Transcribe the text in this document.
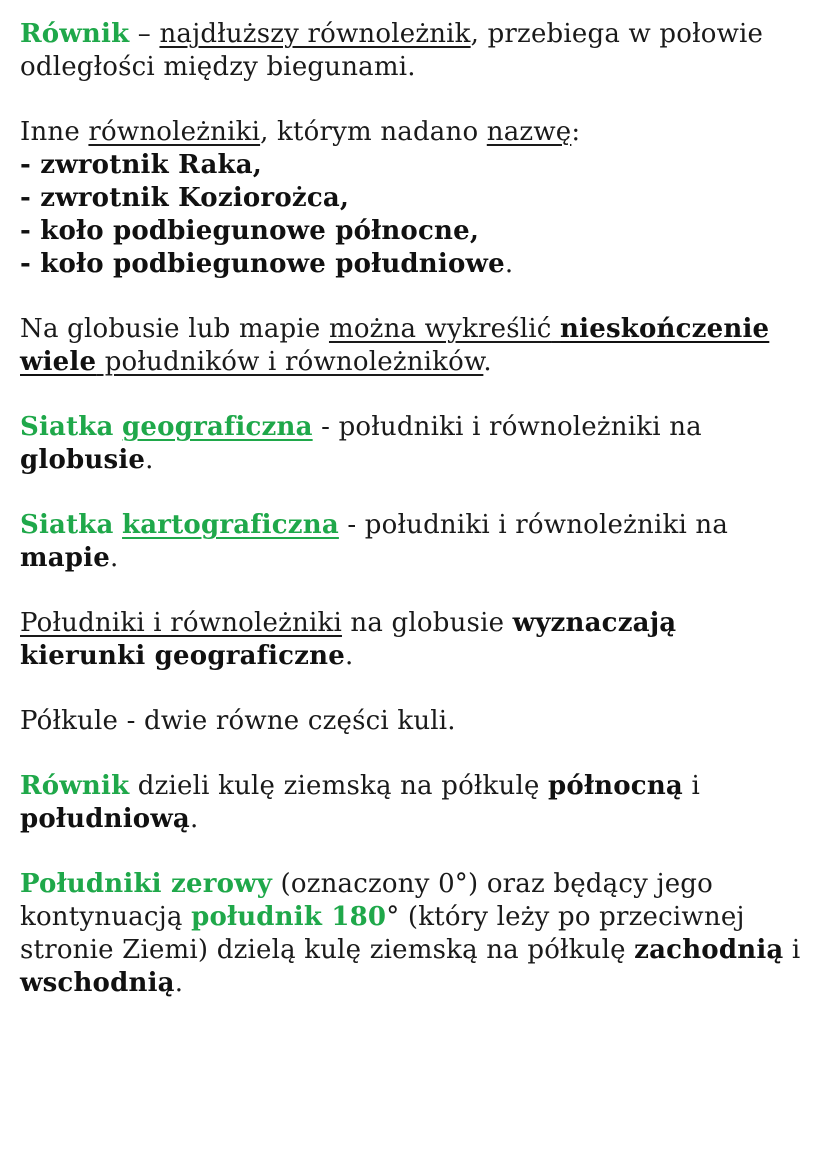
Równik – najdłuższy równoleżnik, przebiega w połowie
odległości między biegunami.

Inne równoleżniki, którym nadano nazwę:
- zwrotnik Raka,
- zwrotnik Koziorożca,
- koło podbiegunowe północne,
- koło podbiegunowe południowe.

Na globusie lub mapie można wykreślić nieskończenie
wiele południków i równoleżników.

Siatka geograficzna - południki i równoleżniki na
globusie.

Siatka kartograficzna - południki i równoleżniki na
mapie.

Południki i równoleżniki na globusie wyznaczają
kierunki geograficzne.

Półkule - dwie równe części kuli.

Równik dzieli kulę ziemską na półkulę północną i
południową.

Południki zerowy (oznaczony 0°) oraz będący jego
kontynuacją południk 180° (który leży po przeciwnej
stronie Ziemi) dzielą kulę ziemską na półkulę zachodnią i
wschodnią.
